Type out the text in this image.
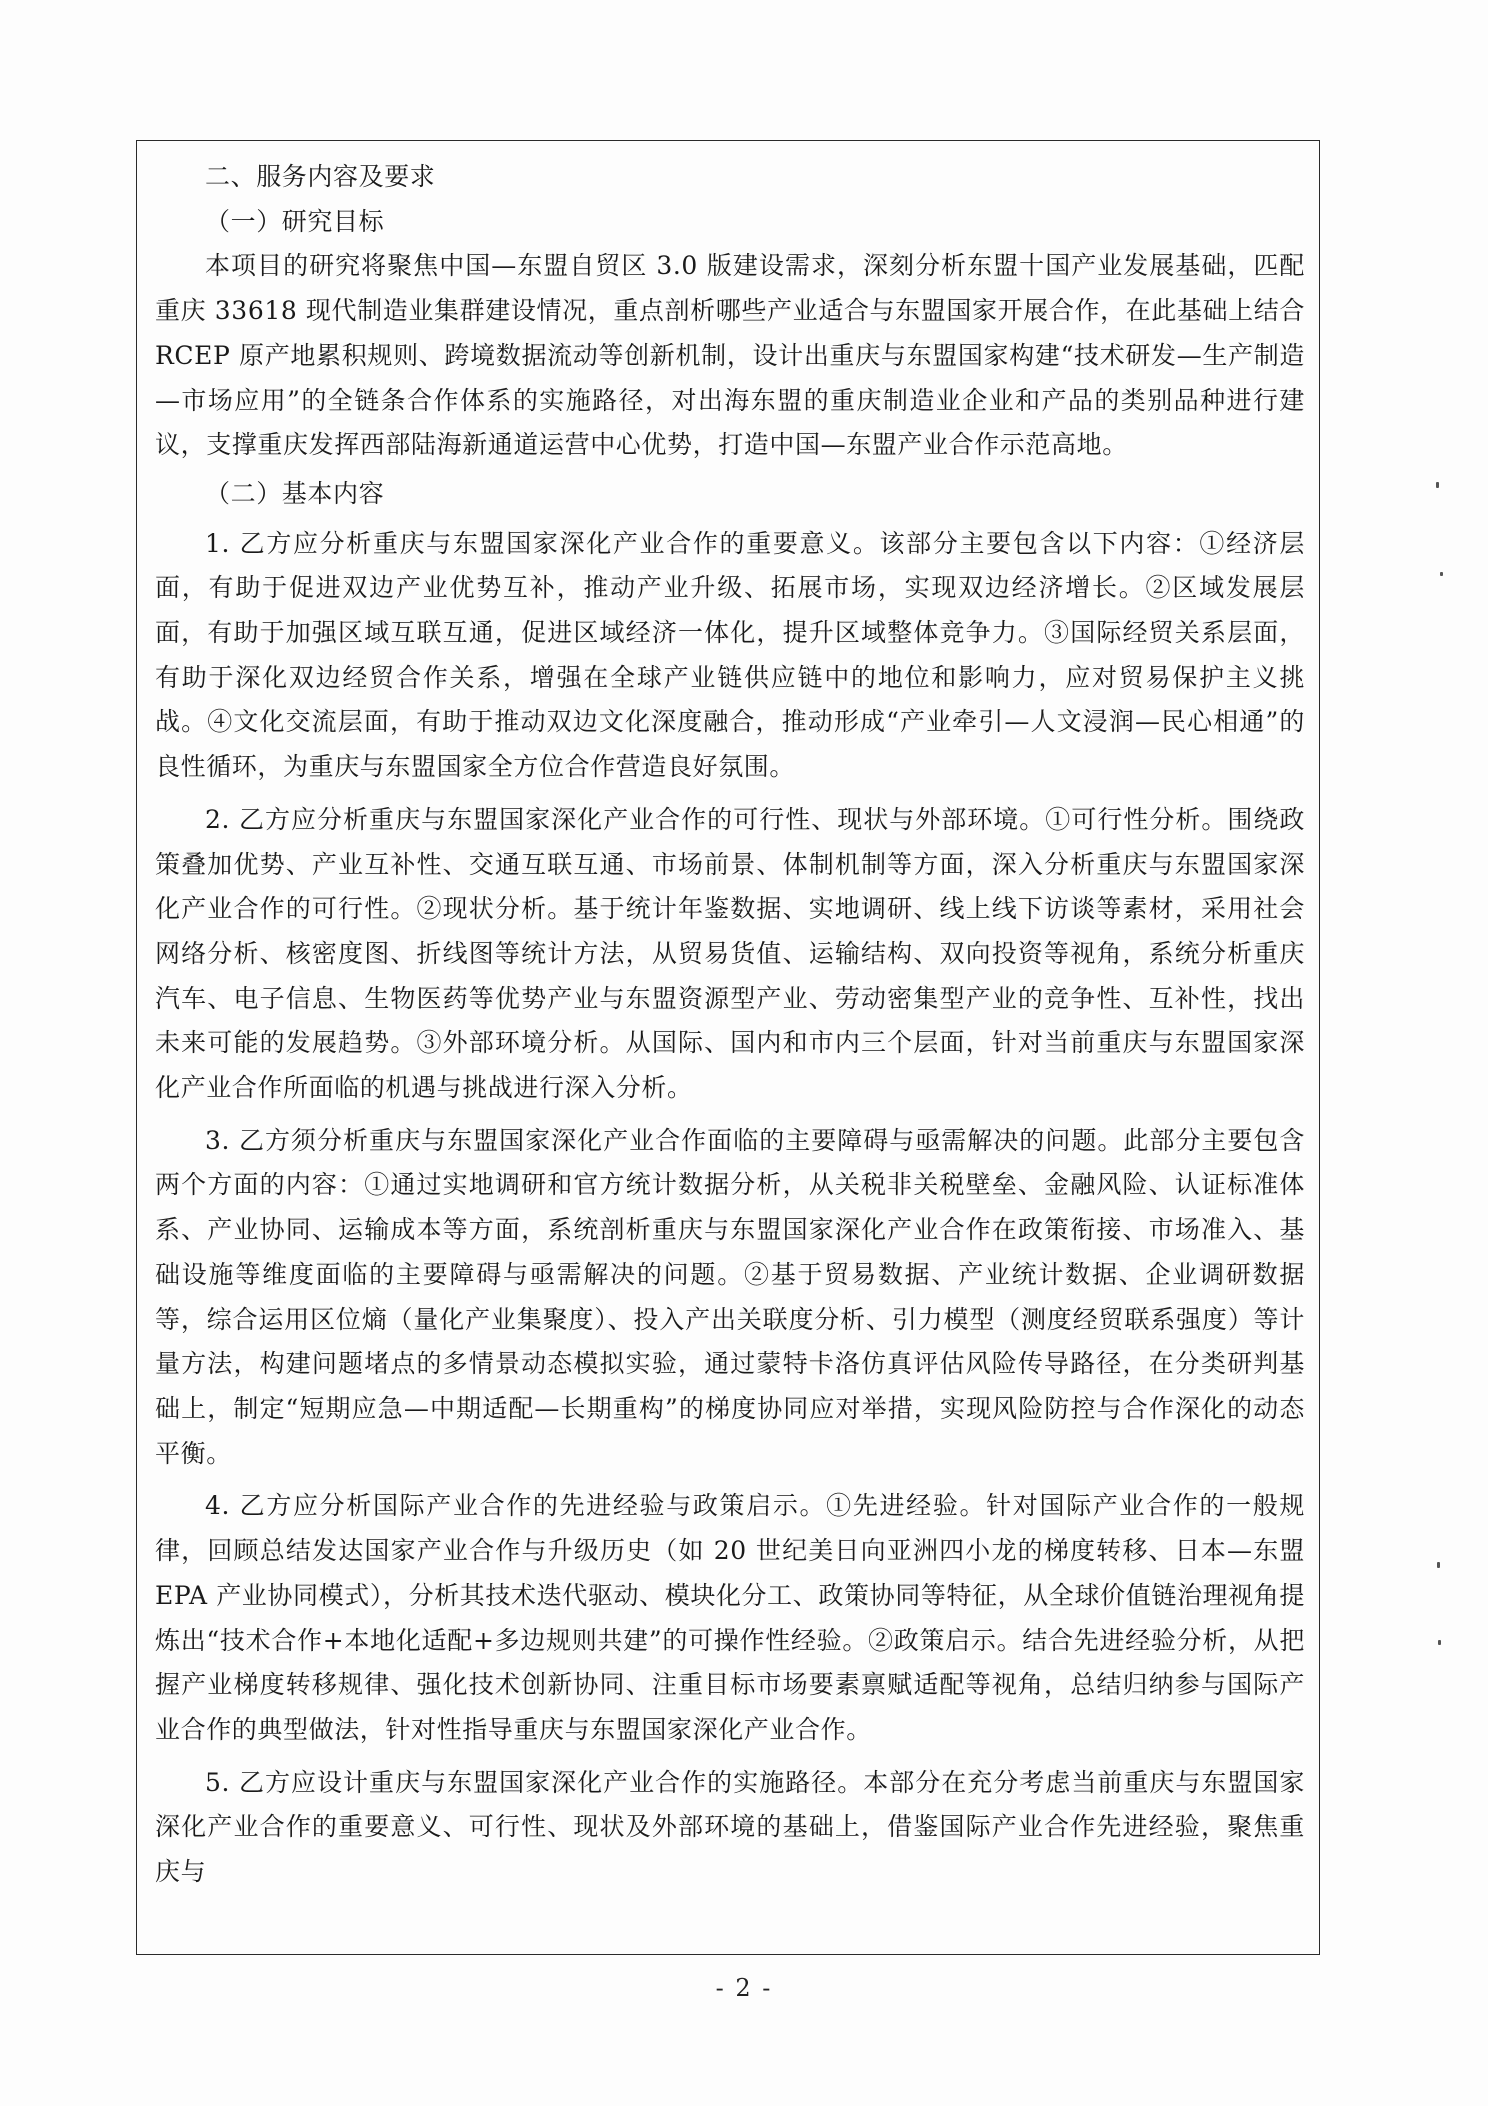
二、服务内容及要求
（一）研究目标

本项目的研究将聚焦中国—东盟自贸区 3.0 版建设需求，深刻分析东盟十国产业发展基础，匹配重庆 33618 现代制造业集群建设情况，重点剖析哪些产业适合与东盟国家开展合作，在此基础上结合 RCEP 原产地累积规则、跨境数据流动等创新机制，设计出重庆与东盟国家构建“技术研发—生产制造—市场应用”的全链条合作体系的实施路径，对出海东盟的重庆制造业企业和产品的类别品种进行建议，支撑重庆发挥西部陆海新通道运营中心优势，打造中国—东盟产业合作示范高地。

（二）基本内容

1. 乙方应分析重庆与东盟国家深化产业合作的重要意义。该部分主要包含以下内容：①经济层面，有助于促进双边产业优势互补，推动产业升级、拓展市场，实现双边经济增长。②区域发展层面，有助于加强区域互联互通，促进区域经济一体化，提升区域整体竞争力。③国际经贸关系层面，有助于深化双边经贸合作关系，增强在全球产业链供应链中的地位和影响力，应对贸易保护主义挑战。④文化交流层面，有助于推动双边文化深度融合，推动形成“产业牵引—人文浸润—民心相通”的良性循环，为重庆与东盟国家全方位合作营造良好氛围。

2. 乙方应分析重庆与东盟国家深化产业合作的可行性、现状与外部环境。①可行性分析。围绕政策叠加优势、产业互补性、交通互联互通、市场前景、体制机制等方面，深入分析重庆与东盟国家深化产业合作的可行性。②现状分析。基于统计年鉴数据、实地调研、线上线下访谈等素材，采用社会网络分析、核密度图、折线图等统计方法，从贸易货值、运输结构、双向投资等视角，系统分析重庆汽车、电子信息、生物医药等优势产业与东盟资源型产业、劳动密集型产业的竞争性、互补性，找出未来可能的发展趋势。③外部环境分析。从国际、国内和市内三个层面，针对当前重庆与东盟国家深化产业合作所面临的机遇与挑战进行深入分析。

3. 乙方须分析重庆与东盟国家深化产业合作面临的主要障碍与亟需解决的问题。此部分主要包含两个方面的内容：①通过实地调研和官方统计数据分析，从关税非关税壁垒、金融风险、认证标准体系、产业协同、运输成本等方面，系统剖析重庆与东盟国家深化产业合作在政策衔接、市场准入、基础设施等维度面临的主要障碍与亟需解决的问题。②基于贸易数据、产业统计数据、企业调研数据等，综合运用区位熵（量化产业集聚度）、投入产出关联度分析、引力模型（测度经贸联系强度）等计量方法，构建问题堵点的多情景动态模拟实验，通过蒙特卡洛仿真评估风险传导路径，在分类研判基础上，制定“短期应急—中期适配—长期重构”的梯度协同应对举措，实现风险防控与合作深化的动态平衡。

4. 乙方应分析国际产业合作的先进经验与政策启示。①先进经验。针对国际产业合作的一般规律，回顾总结发达国家产业合作与升级历史（如 20 世纪美日向亚洲四小龙的梯度转移、日本—东盟 EPA 产业协同模式），分析其技术迭代驱动、模块化分工、政策协同等特征，从全球价值链治理视角提炼出“技术合作+本地化适配+多边规则共建”的可操作性经验。②政策启示。结合先进经验分析，从把握产业梯度转移规律、强化技术创新协同、注重目标市场要素禀赋适配等视角，总结归纳参与国际产业合作的典型做法，针对性指导重庆与东盟国家深化产业合作。

5. 乙方应设计重庆与东盟国家深化产业合作的实施路径。本部分在充分考虑当前重庆与东盟国家深化产业合作的重要意义、可行性、现状及外部环境的基础上，借鉴国际产业合作先进经验，聚焦重庆与

- 2 -
